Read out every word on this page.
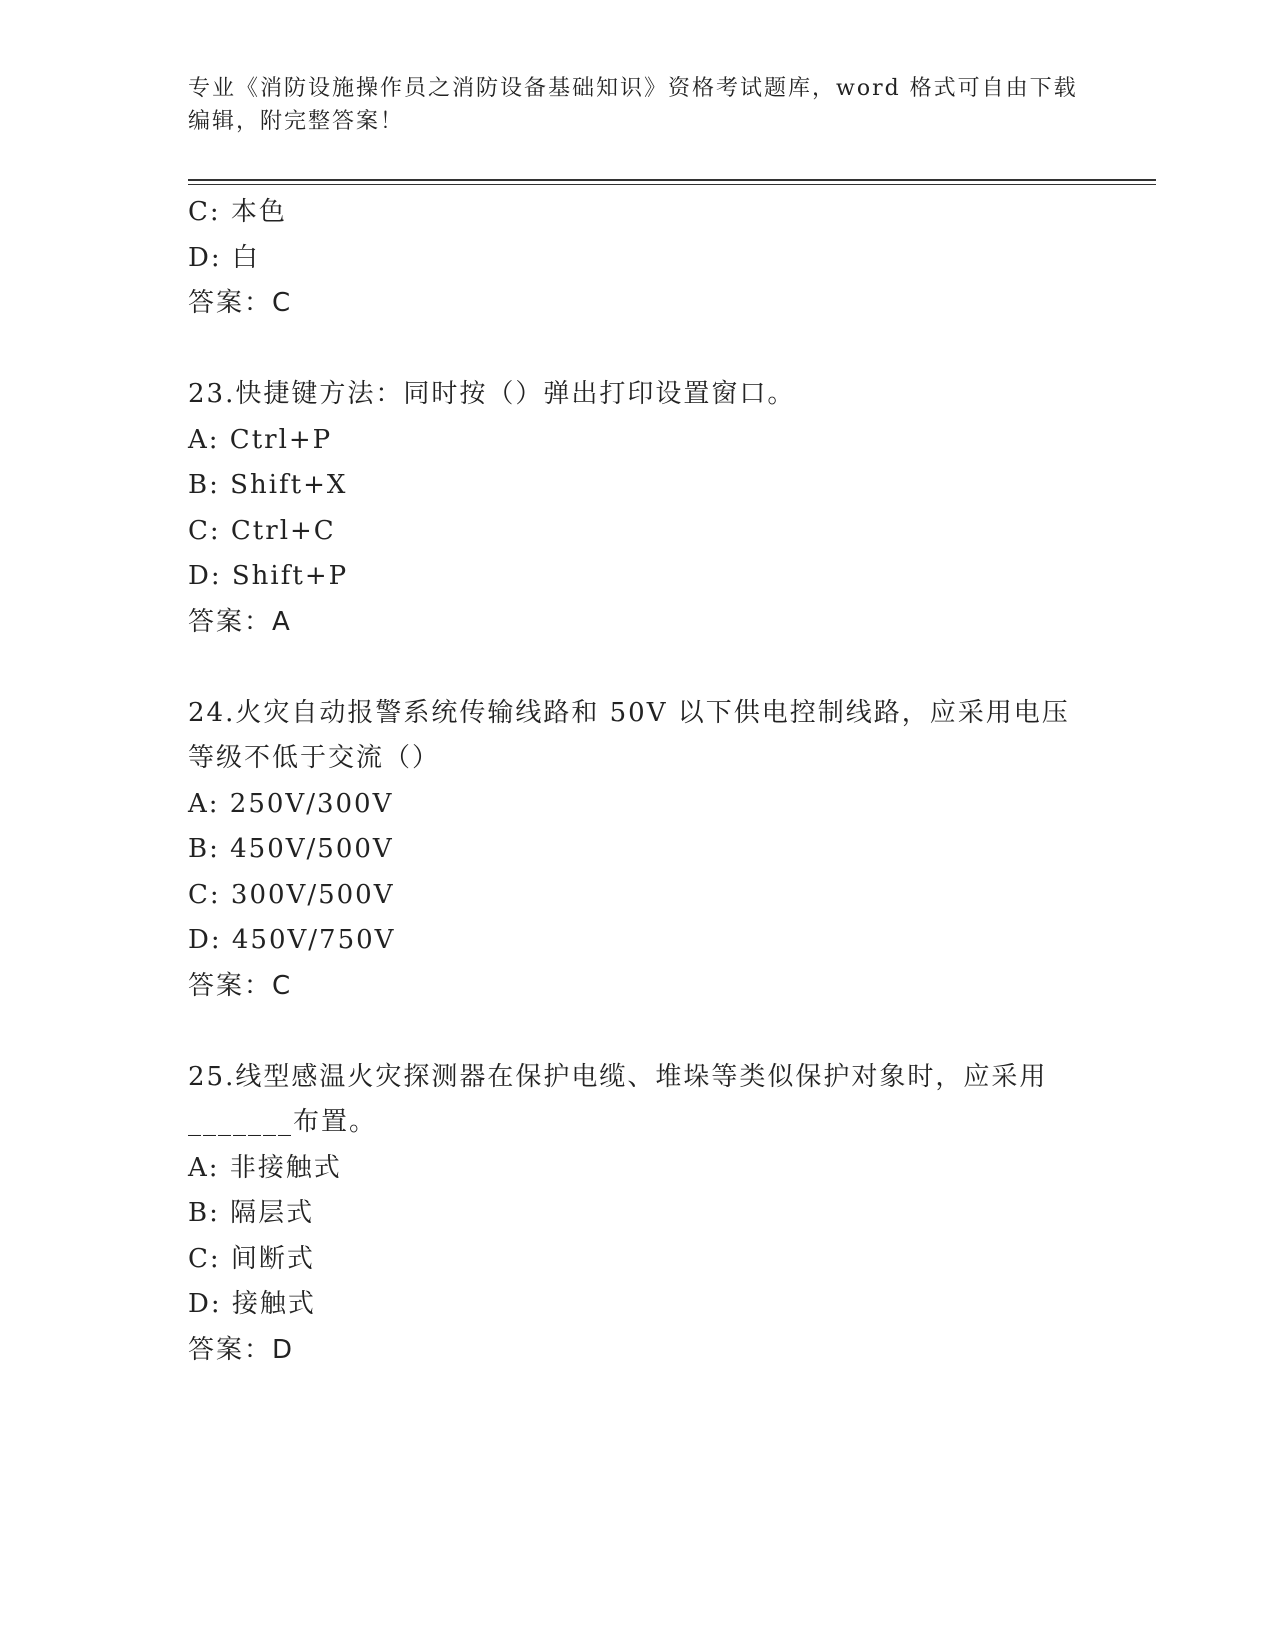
专业《消防设施操作员之消防设备基础知识》资格考试题库，word 格式可自由下载编辑，附完整答案！
C: 本色
D: 白
答案：C
23.快捷键方法：同时按（）弹出打印设置窗口。
A: Ctrl+P
B: Shift+X
C: Ctrl+C
D: Shift+P
答案：A
24.火灾自动报警系统传输线路和 50V 以下供电控制线路，应采用电压
等级不低于交流（）
A: 250V/300V
B: 450V/500V
C: 300V/500V
D: 450V/750V
答案：C
25.线型感温火灾探测器在保护电缆、堆垛等类似保护对象时，应采用
_______布置。
A: 非接触式
B: 隔层式
C: 间断式
D: 接触式
答案：D
